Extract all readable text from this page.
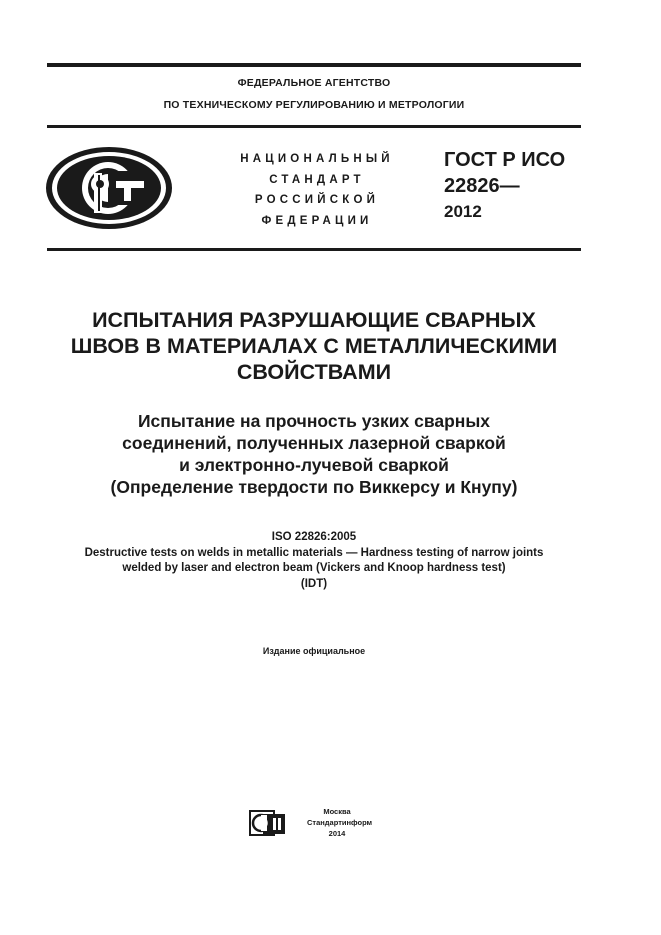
ФЕДЕРАЛЬНОЕ АГЕНТСТВО
ПО ТЕХНИЧЕСКОМУ РЕГУЛИРОВАНИЮ И МЕТРОЛОГИИ
НАЦИОНАЛЬНЫЙ
СТАНДАРТ
РОССИЙСКОЙ
ФЕДЕРАЦИИ
ГОСТ Р ИСО
22826—
2012
ИСПЫТАНИЯ РАЗРУШАЮЩИЕ СВАРНЫХ
ШВОВ В МАТЕРИАЛАХ С МЕТАЛЛИЧЕСКИМИ
СВОЙСТВАМИ
Испытание на прочность узких сварных
соединений, полученных лазерной сваркой
и электронно-лучевой сваркой
(Определение твердости по Виккерсу и Кнупу)
ISO 22826:2005
Destructive tests on welds in metallic materials — Hardness testing of narrow joints
welded by laser and electron beam (Vickers and Knoop hardness test)
(IDT)
Издание официальное
Москва
Стандартинформ
2014
